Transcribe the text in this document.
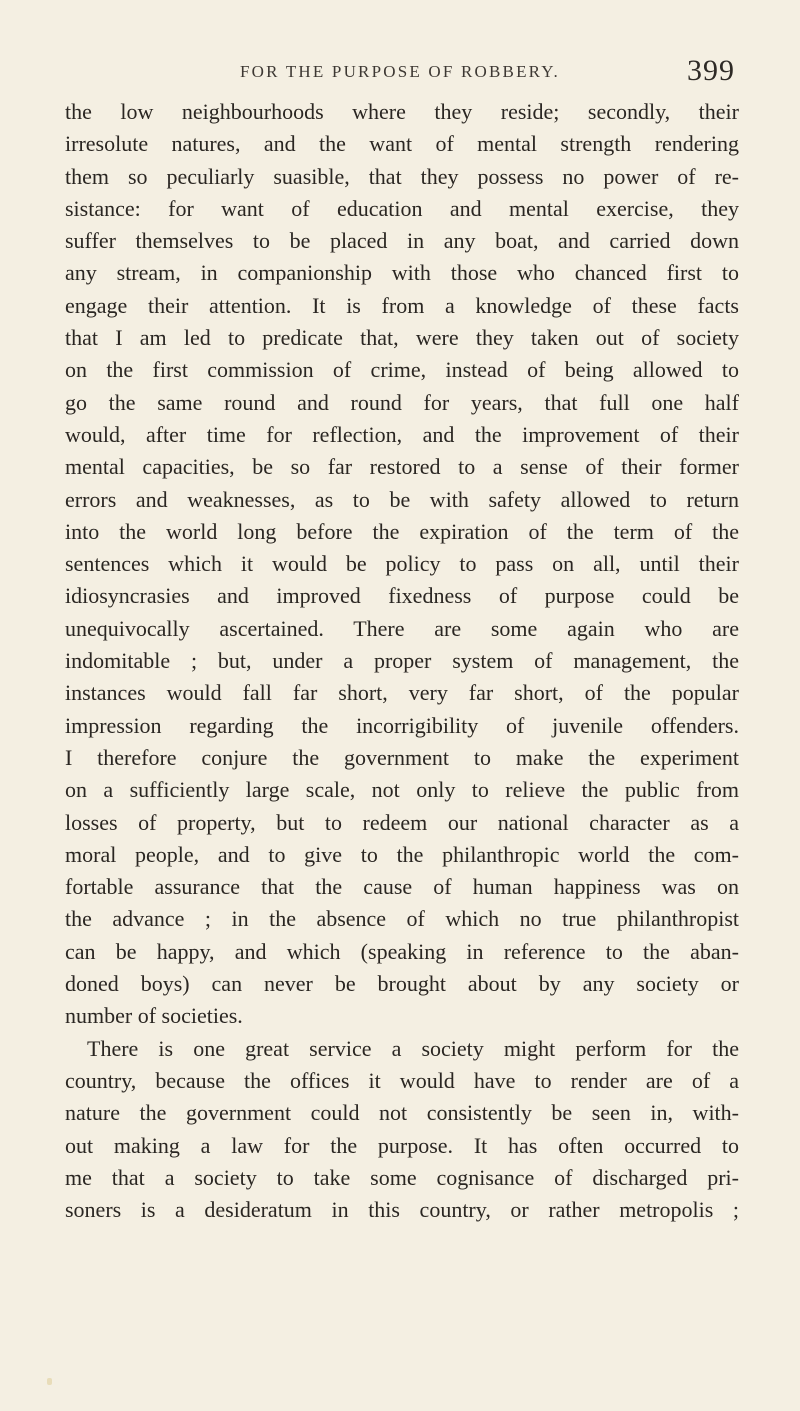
FOR THE PURPOSE OF ROBBERY.	399
the low neighbourhoods where they reside; secondly, their
irresolute natures, and the want of mental strength rendering
them so peculiarly suasible, that they possess no power of re-
sistance: for want of education and mental exercise, they
suffer themselves to be placed in any boat, and carried down
any stream, in companionship with those who chanced first to
engage their attention. It is from a knowledge of these facts
that I am led to predicate that, were they taken out of society
on the first commission of crime, instead of being allowed to
go the same round and round for years, that full one half
would, after time for reflection, and the improvement of their
mental capacities, be so far restored to a sense of their former
errors and weaknesses, as to be with safety allowed to return
into the world long before the expiration of the term of the
sentences which it would be policy to pass on all, until their
idiosyncrasies and improved fixedness of purpose could be
unequivocally ascertained. There are some again who are
indomitable ; but, under a proper system of management, the
instances would fall far short, very far short, of the popular
impression regarding the incorrigibility of juvenile offenders.
I therefore conjure the government to make the experiment
on a sufficiently large scale, not only to relieve the public from
losses of property, but to redeem our national character as a
moral people, and to give to the philanthropic world the com-
fortable assurance that the cause of human happiness was on
the advance ; in the absence of which no true philanthropist
can be happy, and which (speaking in reference to the aban-
doned boys) can never be brought about by any society or
number of societies.
There is one great service a society might perform for the
country, because the offices it would have to render are of a
nature the government could not consistently be seen in, with-
out making a law for the purpose. It has often occurred to
me that a society to take some cognisance of discharged pri-
soners is a desideratum in this country, or rather metropolis ;
